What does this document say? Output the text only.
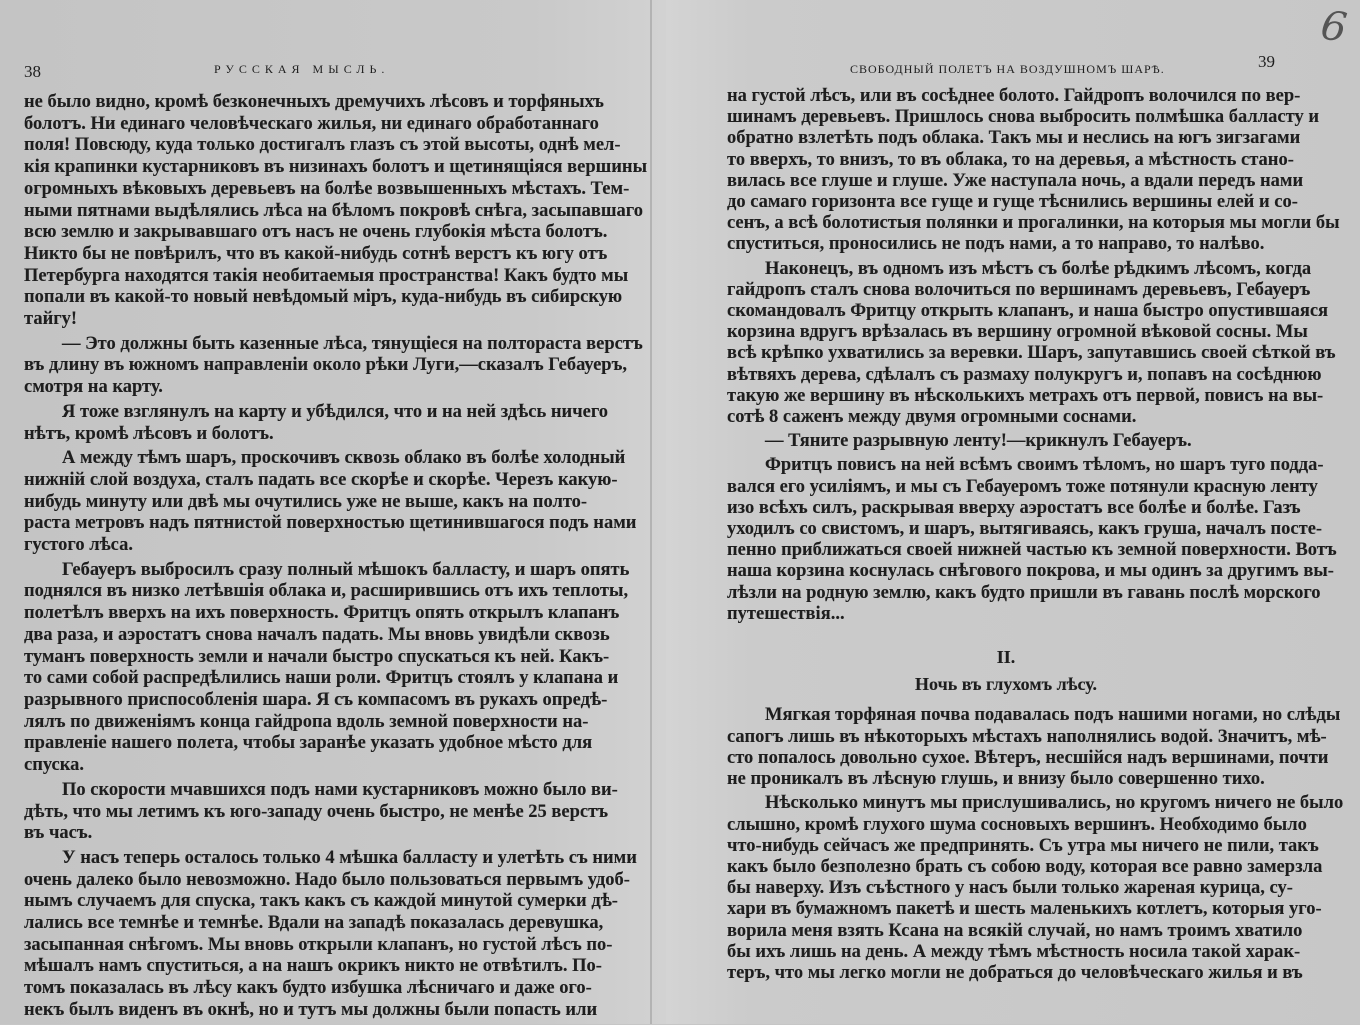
38	РУССКАЯ МЫСЛЬ.
не было видно, кромѣ безконечныхъ дремучихъ лѣсовъ и торфяныхъ
болотъ. Ни единаго человѣческаго жилья, ни единаго обработаннаго
поля! Повсюду, куда только достигалъ глазъ съ этой высоты, однѣ мел-
кія крапинки кустарниковъ въ низинахъ болотъ и щетинящіяся вершины
огромныхъ вѣковыхъ деревьевъ на болѣе возвышенныхъ мѣстахъ. Тем-
ными пятнами выдѣлялись лѣса на бѣломъ покровѣ снѣга, засыпавшаго
всю землю и закрывавшаго отъ насъ не очень глубокія мѣста болотъ.
Никто бы не повѣрилъ, что въ какой-нибудь сотнѣ верстъ къ югу отъ
Петербурга находятся такія необитаемыя пространства! Какъ будто мы
попали въ какой-то новый невѣдомый міръ, куда-нибудь въ сибирскую
тайгу!
— Это должны быть казенные лѣса, тянущіеся на полтораста верстъ
въ длину въ южномъ направленіи около рѣки Луги,—сказалъ Гебауеръ,
смотря на карту.
Я тоже взглянулъ на карту и убѣдился, что и на ней здѣсь ничего
нѣтъ, кромѣ лѣсовъ и болотъ.
А между тѣмъ шаръ, проскочивъ сквозь облако въ болѣе холодный
нижній слой воздуха, сталъ падать все скорѣе и скорѣе. Черезъ какую-
нибудь минуту или двѣ мы очутились уже не выше, какъ на полто-
раста метровъ надъ пятнистой поверхностью щетинившагося подъ нами
густого лѣса.
Гебауеръ выбросилъ сразу полный мѣшокъ балласту, и шаръ опять
поднялся въ низко летѣвшія облака и, расширившись отъ ихъ теплоты,
полетѣлъ вверхъ на ихъ поверхность. Фритцъ опять открылъ клапанъ
два раза, и аэростатъ снова началъ падать. Мы вновь увидѣли сквозь
туманъ поверхность земли и начали быстро спускаться къ ней. Какъ-
то сами собой распредѣлились наши роли. Фритцъ стоялъ у клапана и
разрывного приспособленія шара. Я съ компасомъ въ рукахъ опредѣ-
лялъ по движеніямъ конца гайдропа вдоль земной поверхности на-
правленіе нашего полета, чтобы заранѣе указать удобное мѣсто для
спуска.
По скорости мчавшихся подъ нами кустарниковъ можно было ви-
дѣть, что мы летимъ къ юго-западу очень быстро, не менѣе 25 верстъ
въ часъ.
У насъ теперь осталось только 4 мѣшка балласту и улетѣть съ ними
очень далеко было невозможно. Надо было пользоваться первымъ удоб-
нымъ случаемъ для спуска, такъ какъ съ каждой минутой сумерки дѣ-
лались все темнѣе и темнѣе. Вдали на западѣ показалась деревушка,
засыпанная снѣгомъ. Мы вновь открыли клапанъ, но густой лѣсъ по-
мѣшалъ намъ спуститься, а на нашъ окрикъ никто не отвѣтилъ. По-
томъ показалась въ лѣсу какъ будто избушка лѣсничаго и даже ого-
некъ былъ виденъ въ окнѣ, но и тутъ мы должны были попасть или
СВОБОДНЫЙ ПОЛЕТЪ НА ВОЗДУШНОМЪ ШАРѢ.	39
6
на густой лѣсъ, или въ сосѣднее болото. Гайдропъ волочился по вер-
шинамъ деревьевъ. Пришлось снова выбросить полмѣшка балласту и
обратно взлетѣть подъ облака. Такъ мы и неслись на югъ зигзагами
то вверхъ, то внизъ, то въ облака, то на деревья, а мѣстность стано-
вилась все глуше и глуше. Уже наступала ночь, а вдали передъ нами
до самаго горизонта все гуще и гуще тѣснились вершины елей и со-
сенъ, а всѣ болотистыя полянки и прогалинки, на которыя мы могли бы
спуститься, проносились не подъ нами, а то направо, то налѣво.
Наконецъ, въ одномъ изъ мѣстъ съ болѣе рѣдкимъ лѣсомъ, когда
гайдропъ сталъ снова волочиться по вершинамъ деревьевъ, Гебауеръ
скомандовалъ Фритцу открыть клапанъ, и наша быстро опустившаяся
корзина вдругъ врѣзалась въ вершину огромной вѣковой сосны. Мы
всѣ крѣпко ухватились за веревки. Шаръ, запутавшись своей сѣткой въ
вѣтвяхъ дерева, сдѣлалъ съ размаху полукругъ и, попавъ на сосѣднюю
такую же вершину въ нѣсколькихъ метрахъ отъ первой, повисъ на вы-
сотѣ 8 саженъ между двумя огромными соснами.
— Тяните разрывную ленту!—крикнулъ Гебауеръ.
Фритцъ повисъ на ней всѣмъ своимъ тѣломъ, но шаръ туго подда-
вался его усиліямъ, и мы съ Гебауеромъ тоже потянули красную ленту
изо всѣхъ силъ, раскрывая вверху аэростатъ все болѣе и болѣе. Газъ
уходилъ со свистомъ, и шаръ, вытягиваясь, какъ груша, началъ посте-
пенно приближаться своей нижней частью къ земной поверхности. Вотъ
наша корзина коснулась снѣгового покрова, и мы одинъ за другимъ вы-
лѣзли на родную землю, какъ будто пришли въ гавань послѣ морского
путешествія...
II.
Ночь въ глухомъ лѣсу.
Мягкая торфяная почва подавалась подъ нашими ногами, но слѣды
сапогъ лишь въ нѣкоторыхъ мѣстахъ наполнялись водой. Значитъ, мѣ-
сто попалось довольно сухое. Вѣтеръ, несшійся надъ вершинами, почти
не проникалъ въ лѣсную глушь, и внизу было совершенно тихо.
Нѣсколько минутъ мы прислушивались, но кругомъ ничего не было
слышно, кромѣ глухого шума сосновыхъ вершинъ. Необходимо было
что-нибудь сейчасъ же предпринять. Съ утра мы ничего не пили, такъ
какъ было безполезно брать съ собою воду, которая все равно замерзла
бы наверху. Изъ съѣстного у насъ были только жареная курица, су-
хари въ бумажномъ пакетѣ и шесть маленькихъ котлетъ, которыя уго-
ворила меня взять Ксана на всякій случай, но намъ троимъ хватило
бы ихъ лишь на день. А между тѣмъ мѣстность носила такой харак-
теръ, что мы легко могли не добраться до человѣческаго жилья и въ
